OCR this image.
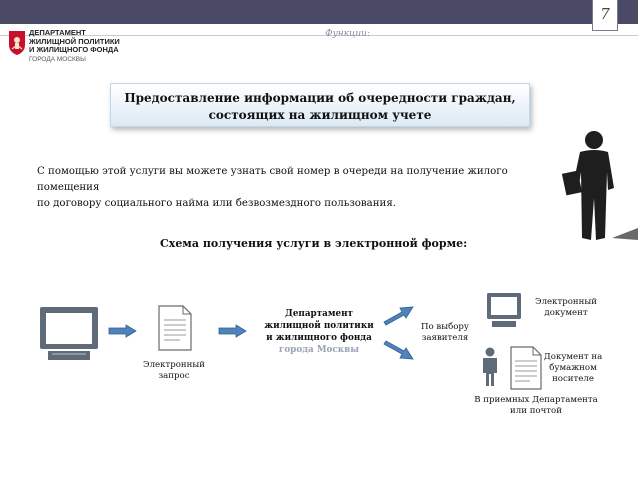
7
Функции:
ДЕПАРТАМЕНТ
ЖИЛИЩНОЙ ПОЛИТИКИ
И ЖИЛИЩНОГО ФОНДА
ГОРОДА МОСКВЫ
Предоставление информации об очередности граждан,
состоящих на жилищном учете
С помощью этой услуги вы можете узнать свой номер в очереди на получение жилого помещения
по договору социального найма или безвозмездного пользования.
Схема получения услуги в электронной форме:
Электронный
запрос
Департамент
жилищной политики
и жилищного фонда
города Москвы
По выбору
заявителя
Электронный
документ
Документ на
бумажном
носителе
В приемных Департамента
или почтой
